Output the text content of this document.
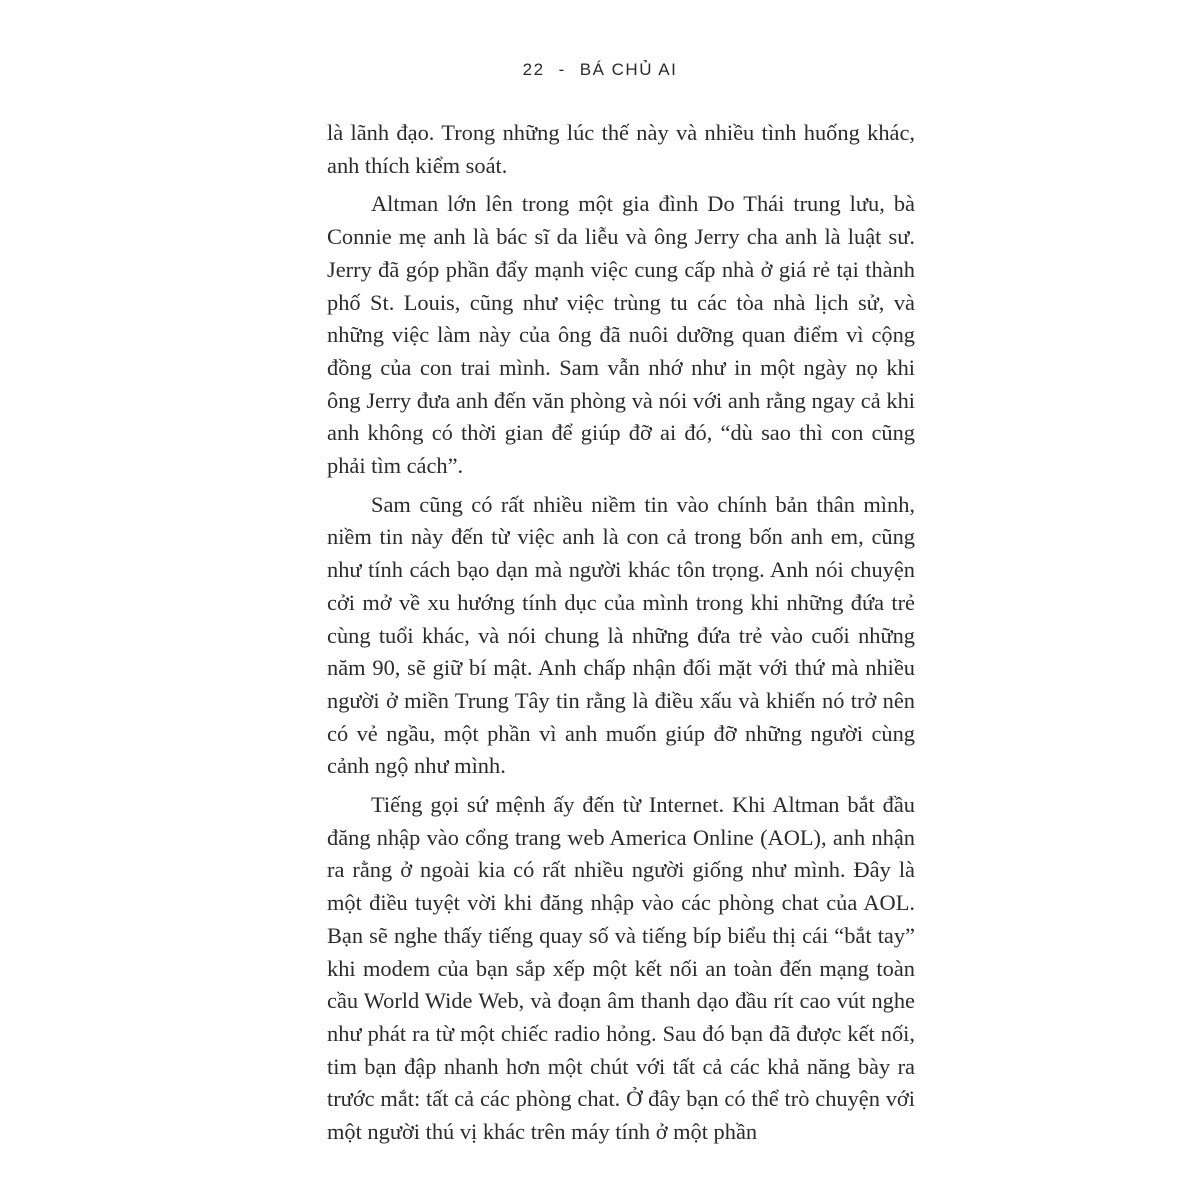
22 - BÁ CHỦ AI

là lãnh đạo. Trong những lúc thế này và nhiều tình huống khác, anh thích kiểm soát.

Altman lớn lên trong một gia đình Do Thái trung lưu, bà Connie mẹ anh là bác sĩ da liễu và ông Jerry cha anh là luật sư. Jerry đã góp phần đẩy mạnh việc cung cấp nhà ở giá rẻ tại thành phố St. Louis, cũng như việc trùng tu các tòa nhà lịch sử, và những việc làm này của ông đã nuôi dưỡng quan điểm vì cộng đồng của con trai mình. Sam vẫn nhớ như in một ngày nọ khi ông Jerry đưa anh đến văn phòng và nói với anh rằng ngay cả khi anh không có thời gian để giúp đỡ ai đó, “dù sao thì con cũng phải tìm cách”.

Sam cũng có rất nhiều niềm tin vào chính bản thân mình, niềm tin này đến từ việc anh là con cả trong bốn anh em, cũng như tính cách bạo dạn mà người khác tôn trọng. Anh nói chuyện cởi mở về xu hướng tính dục của mình trong khi những đứa trẻ cùng tuổi khác, và nói chung là những đứa trẻ vào cuối những năm 90, sẽ giữ bí mật. Anh chấp nhận đối mặt với thứ mà nhiều người ở miền Trung Tây tin rằng là điều xấu và khiến nó trở nên có vẻ ngầu, một phần vì anh muốn giúp đỡ những người cùng cảnh ngộ như mình.

Tiếng gọi sứ mệnh ấy đến từ Internet. Khi Altman bắt đầu đăng nhập vào cổng trang web America Online (AOL), anh nhận ra rằng ở ngoài kia có rất nhiều người giống như mình. Đây là một điều tuyệt vời khi đăng nhập vào các phòng chat của AOL. Bạn sẽ nghe thấy tiếng quay số và tiếng bíp biểu thị cái “bắt tay” khi modem của bạn sắp xếp một kết nối an toàn đến mạng toàn cầu World Wide Web, và đoạn âm thanh dạo đầu rít cao vút nghe như phát ra từ một chiếc radio hỏng. Sau đó bạn đã được kết nối, tim bạn đập nhanh hơn một chút với tất cả các khả năng bày ra trước mắt: tất cả các phòng chat. Ở đây bạn có thể trò chuyện với một người thú vị khác trên máy tính ở một phần
